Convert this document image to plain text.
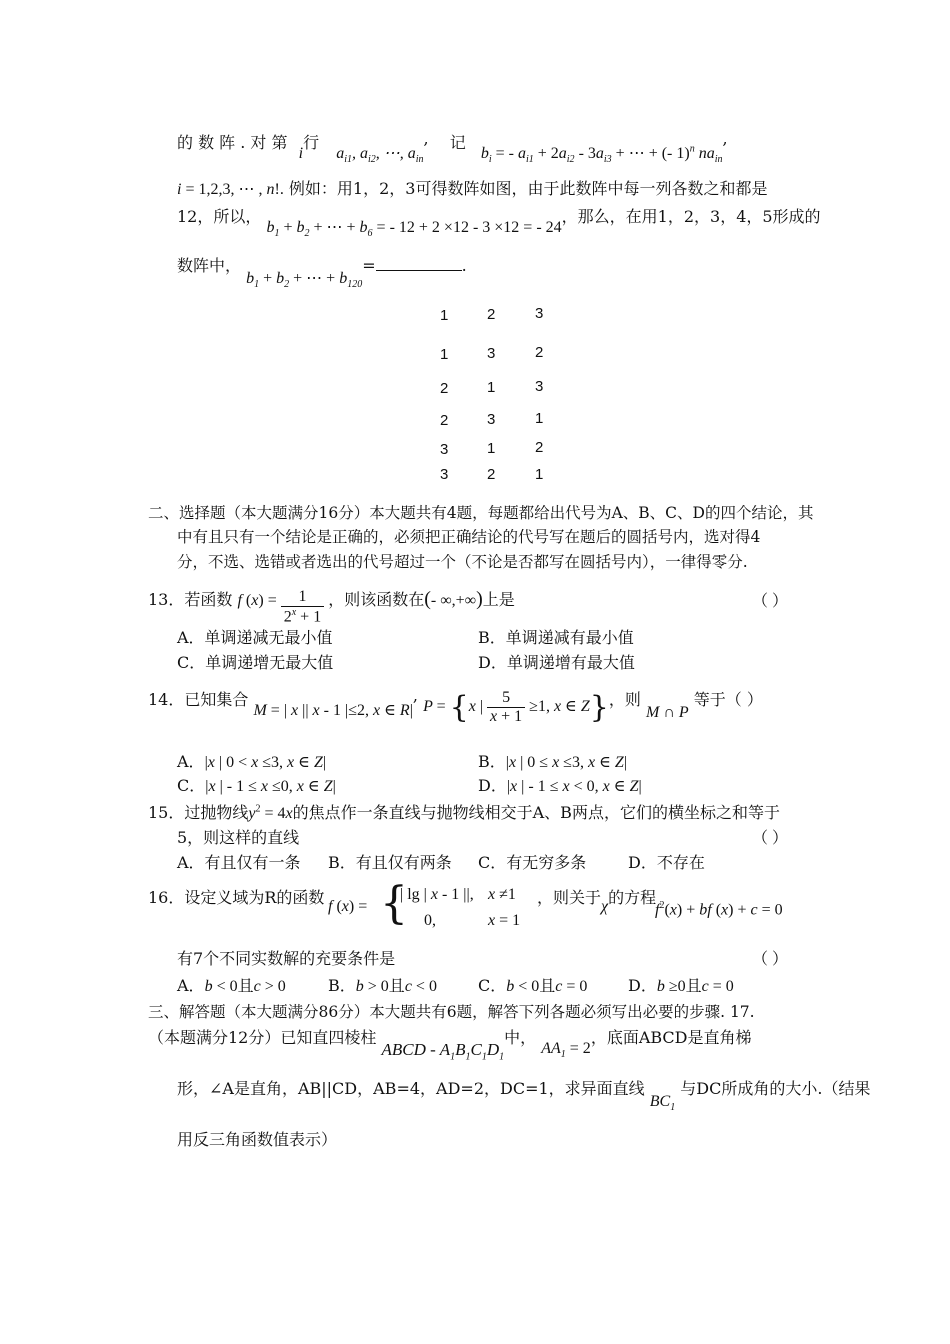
的 数 阵 . 对 第 i行 $a_{i1}$, $a_{i2}$, ⋯, $a_{in}$, 记 $b_i$ = - $a_{i1} + 2a_{i2} - 3a_{i3}$ + ⋯ + (- 1)$^n$ $na_{in}$,
i = 1,2,3, ⋯ , n!. 例如：用1，2，3可得数阵如图，由于此数阵中每一列各数之和都是
12，所以， $b_1 + b_2$ + ⋯ + $b_6$ = - 12 + 2 ×12 - 3 ×12 = - 24，那么，在用1，2，3，4，5形成的
数阵中， $b_1 + b_2$ + ⋯ + $b_{120}=$	.
1	2	3
1	3	2
2	1	3
2	3	1
3	1	2
3	2	1
二、选择题（本大题满分16分）本大题共有4题，每题都给出代号为A、B、C、D的四个结论，其
中有且只有一个结论是正确的，必须把正确结论的代号写在题后的圆括号内，选对得4
分，不选、选错或者选出的代号超过一个（不论是否都写在圆括号内），一律得零分.
13．若函数 f $(x) = \frac{1}{2^x + 1}$ ，则该函数在(- ∞,+∞)上是	（ ）
A．单调递减无最小值	B．单调递减有最小值
C．单调递增无最大值	D．单调递增有最大值
14．已知集合 M = | x || x - 1 |≤2, x ∈ R|, P = {x | $\frac{5}{x + 1} \ge 1$, x ∈ Z}，则 M ∩ P 等于（ ）
A．|x | 0 < x ≤3, x ∈ Z|	B．|x | 0 ≤ x ≤3, x ∈ Z|
C．|x | - 1 ≤ x ≤0, x ∈ Z|	D．|x | - 1 ≤ x < 0, x ∈ Z|
15．过抛物线$y^2 = 4x$的焦点作一条直线与抛物线相交于A、B两点，它们的横坐标之和等于
5，则这样的直线	（ ）
A．有且仅有一条 B．有且仅有两条 C．有无穷多条	D．不存在
16．设定义域为R的函数 f (x) = {
| lg | x - 1 ||,
0,
x ≠1
x = 1
，则关于χ的方程
$f^2(x)$ + bf (x) + c = 0
有7个不同实数解的充要条件是	（ ）
A．b < 0且c > 0	B．b > 0且c < 0	C．b < 0且c = 0	D．b ≥0且c = 0
三、解答题（本大题满分86分）本大题共有6题，解答下列各题必须写出必要的步骤. 17.
（本题满分12分）已知直四棱柱 ABCD - $A_1B_1C_1D_1$中， $AA_1 = 2$，底面ABCD是直角梯
形，∠A是直角，AB||CD，AB=4，AD=2，DC=1，求异面直线 $BC_1$ 与DC所成角的大小.（结果
用反三角函数值表示）
